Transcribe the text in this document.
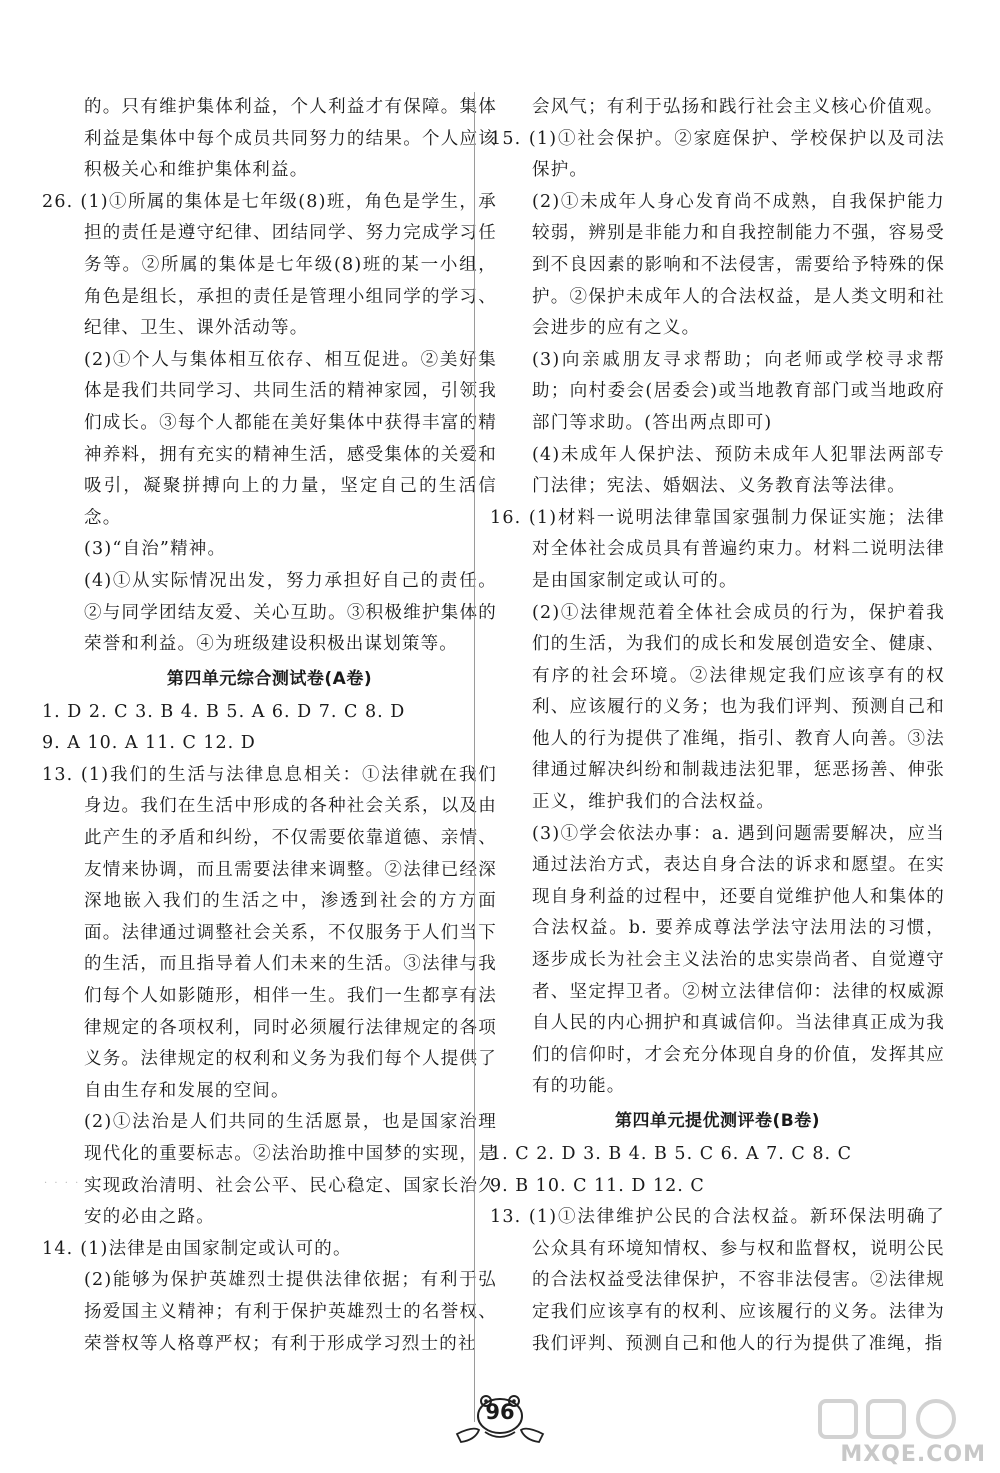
的。只有维护集体利益，个人利益才有保障。集体利益是集体中每个成员共同努力的结果。个人应该积极关心和维护集体利益。

26. (1)①所属的集体是七年级(8)班，角色是学生，承担的责任是遵守纪律、团结同学、努力完成学习任务等。②所属的集体是七年级(8)班的某一小组，角色是组长，承担的责任是管理小组同学的学习、纪律、卫生、课外活动等。

(2)①个人与集体相互依存、相互促进。②美好集体是我们共同学习、共同生活的精神家园，引领我们成长。③每个人都能在美好集体中获得丰富的精神养料，拥有充实的精神生活，感受集体的关爱和吸引，凝聚拼搏向上的力量，坚定自己的生活信念。

(3)“自治”精神。

(4)①从实际情况出发，努力承担好自己的责任。②与同学团结友爱、关心互助。③积极维护集体的荣誉和利益。④为班级建设积极出谋划策等。

第四单元综合测试卷(A卷)

1. D 2. C 3. B 4. B 5. A 6. D 7. C 8. D

9. A 10. A 11. C 12. D

13. (1)我们的生活与法律息息相关：①法律就在我们身边。我们在生活中形成的各种社会关系，以及由此产生的矛盾和纠纷，不仅需要依靠道德、亲情、友情来协调，而且需要法律来调整。②法律已经深深地嵌入我们的生活之中，渗透到社会的方方面面。法律通过调整社会关系，不仅服务于人们当下的生活，而且指导着人们未来的生活。③法律与我们每个人如影随形，相伴一生。我们一生都享有法律规定的各项权利，同时必须履行法律规定的各项义务。法律规定的权利和义务为我们每个人提供了自由生存和发展的空间。

(2)①法治是人们共同的生活愿景，也是国家治理现代化的重要标志。②法治助推中国梦的实现，是实现政治清明、社会公平、民心稳定、国家长治久安的必由之路。

14. (1)法律是由国家制定或认可的。

(2)能够为保护英雄烈士提供法律依据；有利于弘扬爱国主义精神；有利于保护英雄烈士的名誉权、荣誉权等人格尊严权；有利于形成学习烈士的社

会风气；有利于弘扬和践行社会主义核心价值观。

15. (1)①社会保护。②家庭保护、学校保护以及司法保护。

(2)①未成年人身心发育尚不成熟，自我保护能力较弱，辨别是非能力和自我控制能力不强，容易受到不良因素的影响和不法侵害，需要给予特殊的保护。②保护未成年人的合法权益，是人类文明和社会进步的应有之义。

(3)向亲戚朋友寻求帮助；向老师或学校寻求帮助；向村委会(居委会)或当地教育部门或当地政府部门等求助。(答出两点即可)

(4)未成年人保护法、预防未成年人犯罪法两部专门法律；宪法、婚姻法、义务教育法等法律。

16. (1)材料一说明法律靠国家强制力保证实施；法律对全体社会成员具有普遍约束力。材料二说明法律是由国家制定或认可的。

(2)①法律规范着全体社会成员的行为，保护着我们的生活，为我们的成长和发展创造安全、健康、有序的社会环境。②法律规定我们应该享有的权利、应该履行的义务；也为我们评判、预测自己和他人的行为提供了准绳，指引、教育人向善。③法律通过解决纠纷和制裁违法犯罪，惩恶扬善、伸张正义，维护我们的合法权益。

(3)①学会依法办事：a. 遇到问题需要解决，应当通过法治方式，表达自身合法的诉求和愿望。在实现自身利益的过程中，还要自觉维护他人和集体的合法权益。b. 要养成尊法学法守法用法的习惯，逐步成长为社会主义法治的忠实崇尚者、自觉遵守者、坚定捍卫者。②树立法律信仰：法律的权威源自人民的内心拥护和真诚信仰。当法律真正成为我们的信仰时，才会充分体现自身的价值，发挥其应有的功能。

第四单元提优测评卷(B卷)

1. C 2. D 3. B 4. B 5. C 6. A 7. C 8. C

9. B 10. C 11. D 12. C

13. (1)①法律维护公民的合法权益。新环保法明确了公众具有环境知情权、参与权和监督权，说明公民的合法权益受法律保护，不容非法侵害。②法律规定我们应该享有的权利、应该履行的义务。法律为我们评判、预测自己和他人的行为提供了准绳，指

· · · ·
96
MXQE.COM
